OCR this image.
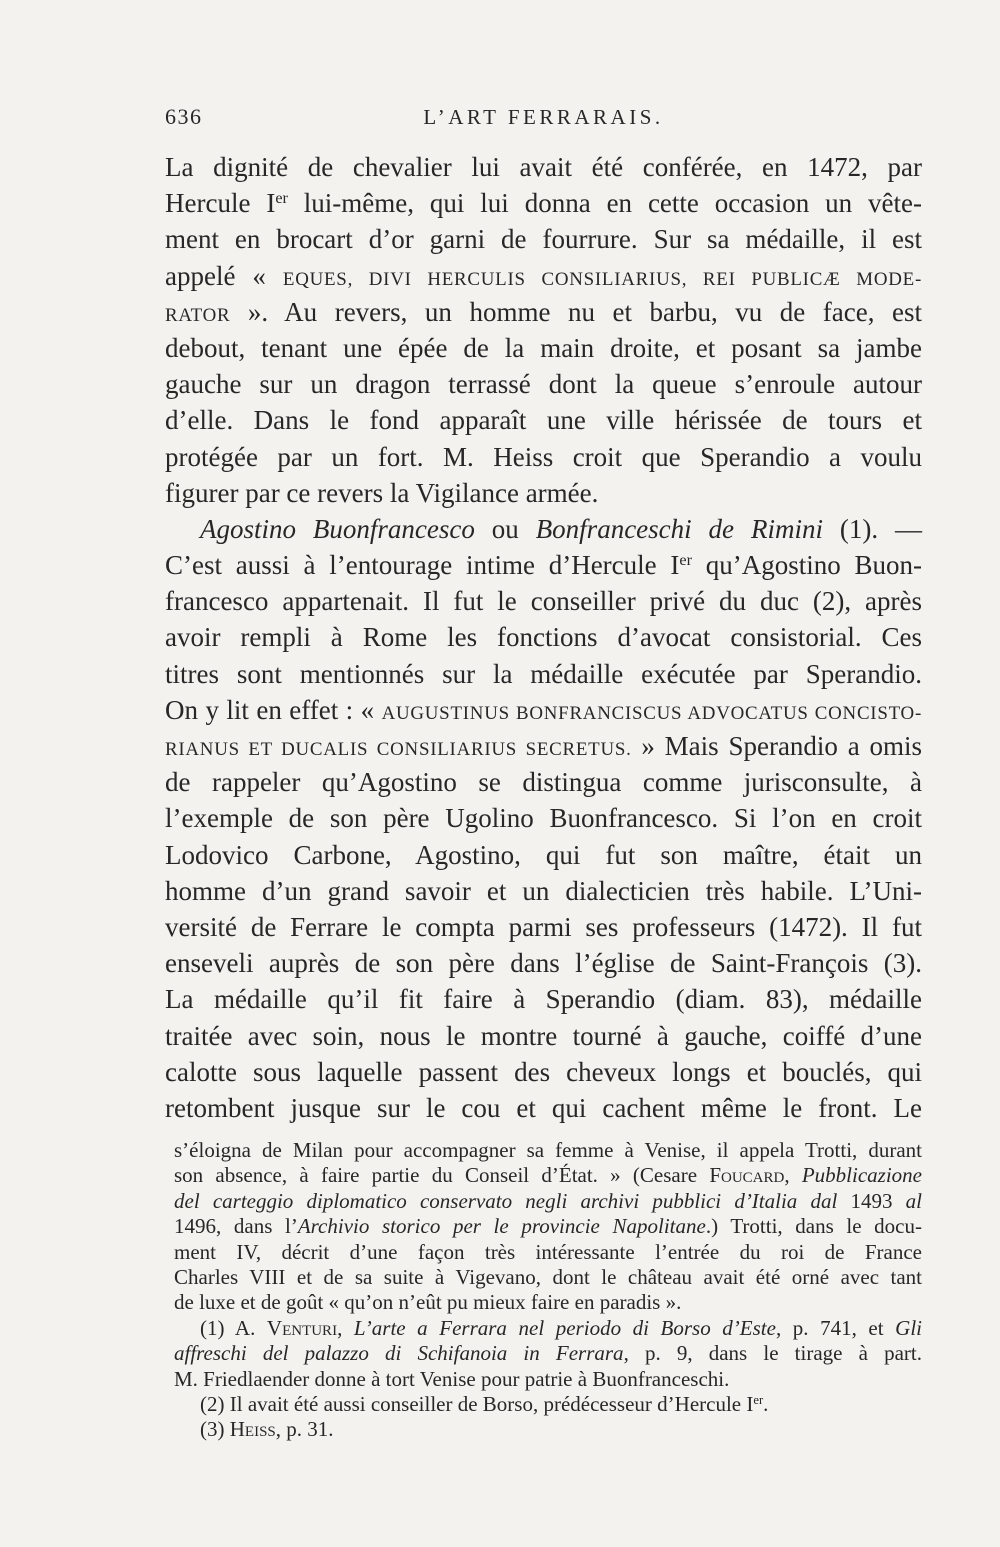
636	L’ART FERRARAIS.
La dignité de chevalier lui avait été conférée, en 1472, par
Hercule Ier lui-même, qui lui donna en cette occasion un vête-
ment en brocart d’or garni de fourrure. Sur sa médaille, il est
appelé « EQUES, DIVI HERCULIS CONSILIARIUS, REI PUBLICÆ MODE-
RATOR ». Au revers, un homme nu et barbu, vu de face, est
debout, tenant une épée de la main droite, et posant sa jambe
gauche sur un dragon terrassé dont la queue s’enroule autour
d’elle. Dans le fond apparaît une ville hérissée de tours et
protégée par un fort. M. Heiss croit que Sperandio a voulu
figurer par ce revers la Vigilance armée.
Agostino Buonfrancesco ou Bonfranceschi de Rimini (1). —
C’est aussi à l’entourage intime d’Hercule Ier qu’Agostino Buon-
francesco appartenait. Il fut le conseiller privé du duc (2), après
avoir rempli à Rome les fonctions d’avocat consistorial. Ces
titres sont mentionnés sur la médaille exécutée par Sperandio.
On y lit en effet : « AUGUSTINUS BONFRANCISCUS ADVOCATUS CONCISTO-
RIANUS ET DUCALIS CONSILIARIUS SECRETUS. » Mais Sperandio a omis
de rappeler qu’Agostino se distingua comme jurisconsulte, à
l’exemple de son père Ugolino Buonfrancesco. Si l’on en croit
Lodovico Carbone, Agostino, qui fut son maître, était un
homme d’un grand savoir et un dialecticien très habile. L’Uni-
versité de Ferrare le compta parmi ses professeurs (1472). Il fut
enseveli auprès de son père dans l’église de Saint-François (3).
La médaille qu’il fit faire à Sperandio (diam. 83), médaille
traitée avec soin, nous le montre tourné à gauche, coiffé d’une
calotte sous laquelle passent des cheveux longs et bouclés, qui
retombent jusque sur le cou et qui cachent même le front. Le
s’éloigna de Milan pour accompagner sa femme à Venise, il appela Trotti, durant
son absence, à faire partie du Conseil d’État. » (Cesare Foucard, Pubblicazione
del carteggio diplomatico conservato negli archivi pubblici d’Italia dal 1493 al
1496, dans l’Archivio storico per le provincie Napolitane.) Trotti, dans le docu-
ment IV, décrit d’une façon très intéressante l’entrée du roi de France
Charles VIII et de sa suite à Vigevano, dont le château avait été orné avec tant
de luxe et de goût « qu’on n’eût pu mieux faire en paradis ».
(1) A. Venturi, L’arte a Ferrara nel periodo di Borso d’Este, p. 741, et Gli
affreschi del palazzo di Schifanoia in Ferrara, p. 9, dans le tirage à part.
M. Friedlaender donne à tort Venise pour patrie à Buonfranceschi.
(2) Il avait été aussi conseiller de Borso, prédécesseur d’Hercule Ier.
(3) Heiss, p. 31.
